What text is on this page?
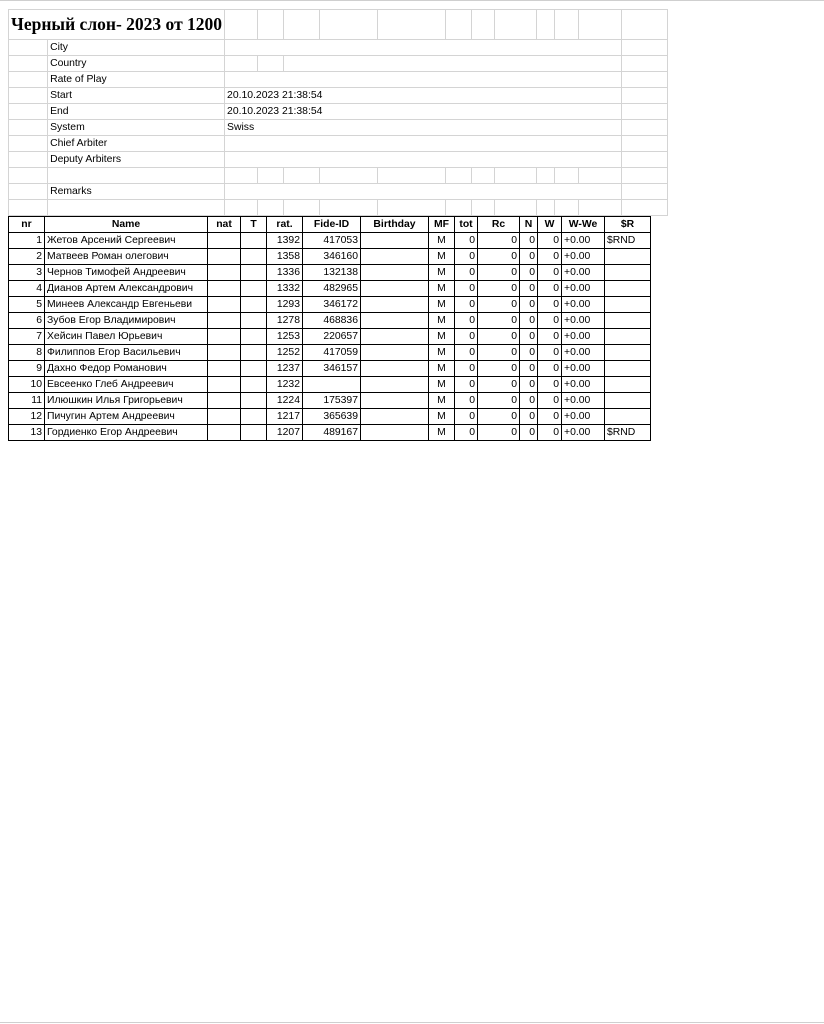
Черный слон- 2023 от 1200													
	City												
	Country												
	Rate of Play												
	Start	20.10.2023 21:38:54											
	End	20.10.2023 21:38:54											
	System	Swiss											
	Chief Arbiter												
	Deputy Arbiters												

	Remarks												

nr	Name	nat	T	rat.	Fide-ID	Birthday	MF	tot	Rc	N	W	W-We	$R
1	Жетов Арсений Сергеевич			1392	417053		M	0	0	0	0	+0.00	$RND
2	Матвеев Роман олегович			1358	346160		M	0	0	0	0	+0.00	
3	Чернов Тимофей Андреевич			1336	132138		M	0	0	0	0	+0.00	
4	Дианов Артем Александрович			1332	482965		M	0	0	0	0	+0.00	
5	Минеев Александр Евгеньеви			1293	346172		M	0	0	0	0	+0.00	
6	Зубов Егор Владимирович			1278	468836		M	0	0	0	0	+0.00	
7	Хейсин Павел Юрьевич			1253	220657		M	0	0	0	0	+0.00	
8	Филиппов Егор Васильевич			1252	417059		M	0	0	0	0	+0.00	
9	Дахно Федор Романович			1237	346157		M	0	0	0	0	+0.00	
10	Евсеенко Глеб Андреевич			1232			M	0	0	0	0	+0.00	
11	Илюшкин Илья Григорьевич			1224	175397		M	0	0	0	0	+0.00	
12	Пичугин Артем Андреевич			1217	365639		M	0	0	0	0	+0.00	
13	Гордиенко Егор Андреевич			1207	489167		M	0	0	0	0	+0.00	$RND
